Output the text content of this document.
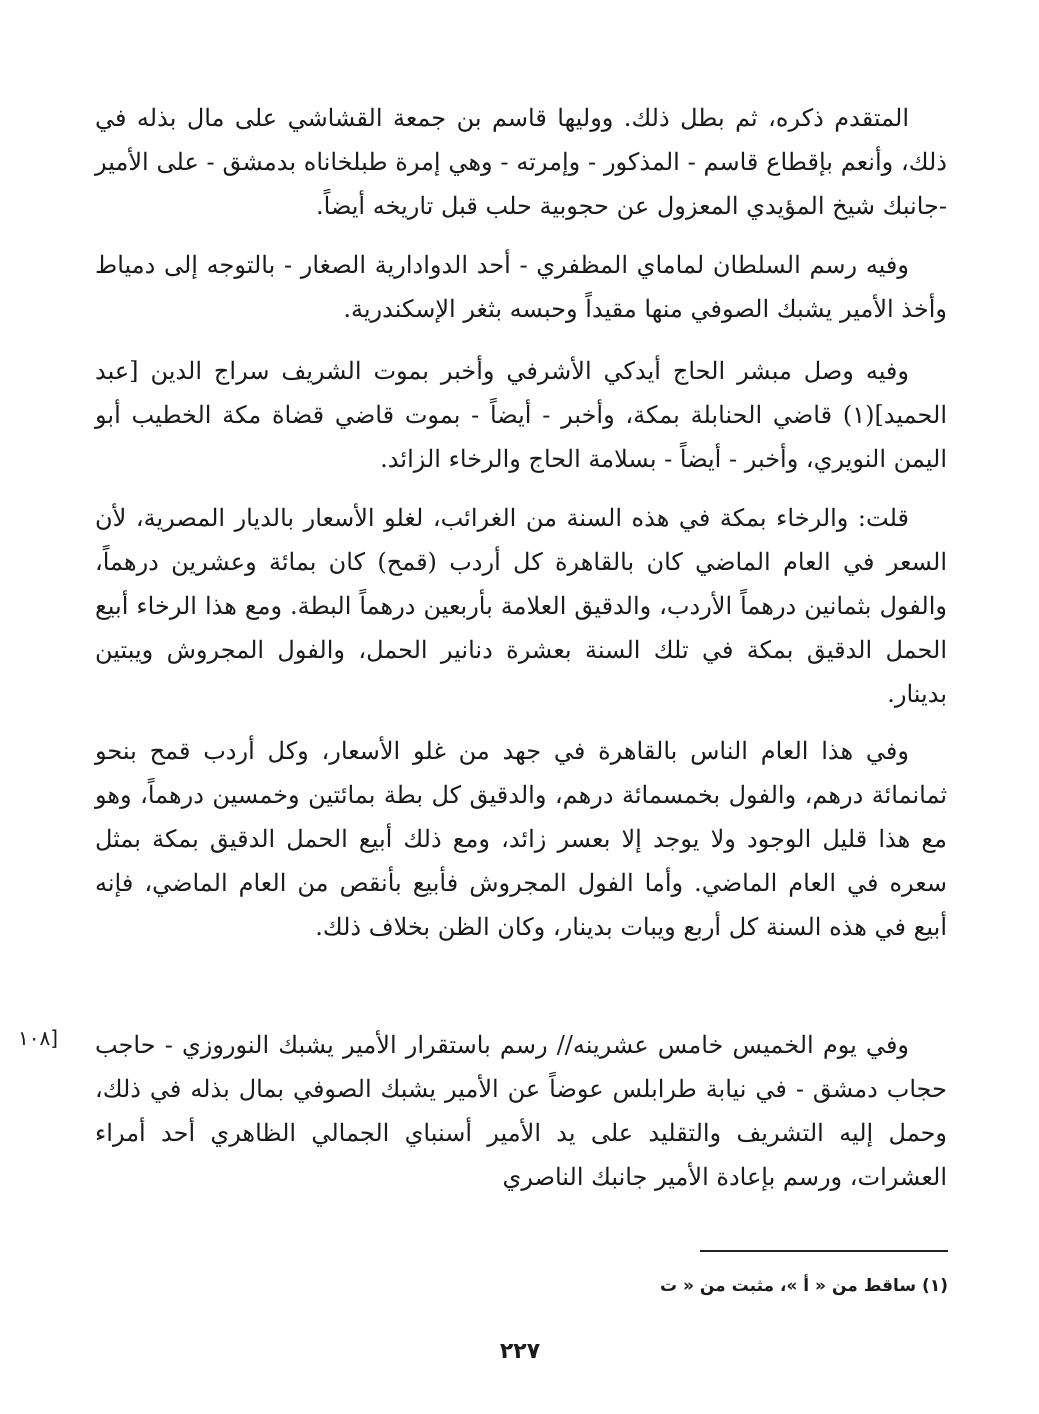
المتقدم ذكره، ثم بطل ذلك. ووليها قاسم بن جمعة القشاشي على مال بذله في ذلك، وأنعم بإقطاع قاسم - المذكور - وإمرته - وهي إمرة طبلخاناه بدمشق - على الأمير -جانبك شيخ المؤيدي المعزول عن حجوبية حلب قبل تاريخه أيضاً.

وفيه رسم السلطان لماماي المظفري - أحد الدوادارية الصغار - بالتوجه إلى دمياط وأخذ الأمير يشبك الصوفي منها مقيداً وحبسه بثغر الإسكندرية.

وفيه وصل مبشر الحاج أيدكي الأشرفي وأخبر بموت الشريف سراج الدين [عبد الحميد](١) قاضي الحنابلة بمكة، وأخبر - أيضاً - بموت قاضي قضاة مكة الخطيب أبو اليمن النويري، وأخبر - أيضاً - بسلامة الحاج والرخاء الزائد.

قلت: والرخاء بمكة في هذه السنة من الغرائب، لغلو الأسعار بالديار المصرية، لأن السعر في العام الماضي كان بالقاهرة كل أردب (قمح) كان بمائة وعشرين درهماً، والفول بثمانين درهماً الأردب، والدقيق العلامة بأربعين درهماً البطة. ومع هذا الرخاء أبيع الحمل الدقيق بمكة في تلك السنة بعشرة دنانير الحمل، والفول المجروش ويبتين بدينار.

وفي هذا العام الناس بالقاهرة في جهد من غلو الأسعار، وكل أردب قمح بنحو ثمانمائة درهم، والفول بخمسمائة درهم، والدقيق كل بطة بمائتين وخمسين درهماً، وهو مع هذا قليل الوجود ولا يوجد إلا بعسر زائد، ومع ذلك أبيع الحمل الدقيق بمكة بمثل سعره في العام الماضي. وأما الفول المجروش فأبيع بأنقص من العام الماضي، فإنه أبيع في هذه السنة كل أربع ويبات بدينار، وكان الظن بخلاف ذلك.

وفي يوم الخميس خامس عشرينه// رسم باستقرار الأمير يشبك النوروزي - حاجب حجاب دمشق - في نيابة طرابلس عوضاً عن الأمير يشبك الصوفي بمال بذله في ذلك، وحمل إليه التشريف والتقليد على يد الأمير أسنباي الجمالي الظاهري أحد أمراء العشرات، ورسم بإعادة الأمير جانبك الناصري

[١٠٨
(١) ساقط من « أ »، مثبت من « ت
٢٢٧
